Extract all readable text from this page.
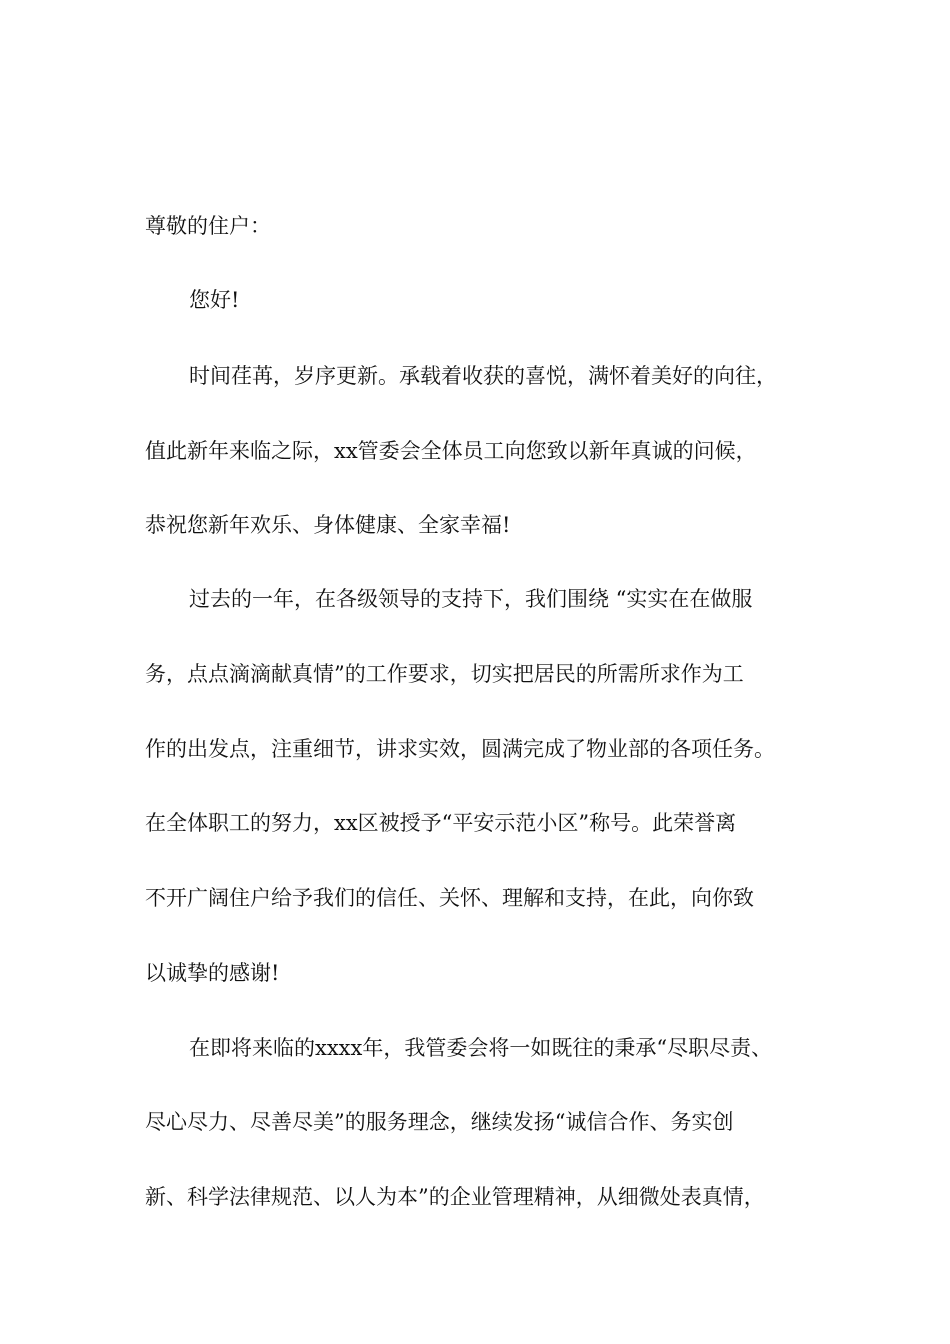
尊敬的住户：
您好!
时间荏苒，岁序更新。承载着收获的喜悦，满怀着美好的向往，
值此新年来临之际，xx管委会全体员工向您致以新年真诚的问候，
恭祝您新年欢乐、身体健康、全家幸福!
过去的一年，在各级领导的支持下，我们围绕 “实实在在做服
务，点点滴滴献真情”的工作要求，切实把居民的所需所求作为工
作的出发点，注重细节，讲求实效，圆满完成了物业部的各项任务。
在全体职工的努力，xx区被授予“平安示范小区”称号。此荣誉离
不开广阔住户给予我们的信任、关怀、理解和支持，在此，向你致
以诚挚的感谢!
在即将来临的xxxx年，我管委会将一如既往的秉承“尽职尽责、
尽心尽力、尽善尽美”的服务理念，继续发扬“诚信合作、务实创
新、科学法律规范、以人为本”的企业管理精神，从细微处表真情，
